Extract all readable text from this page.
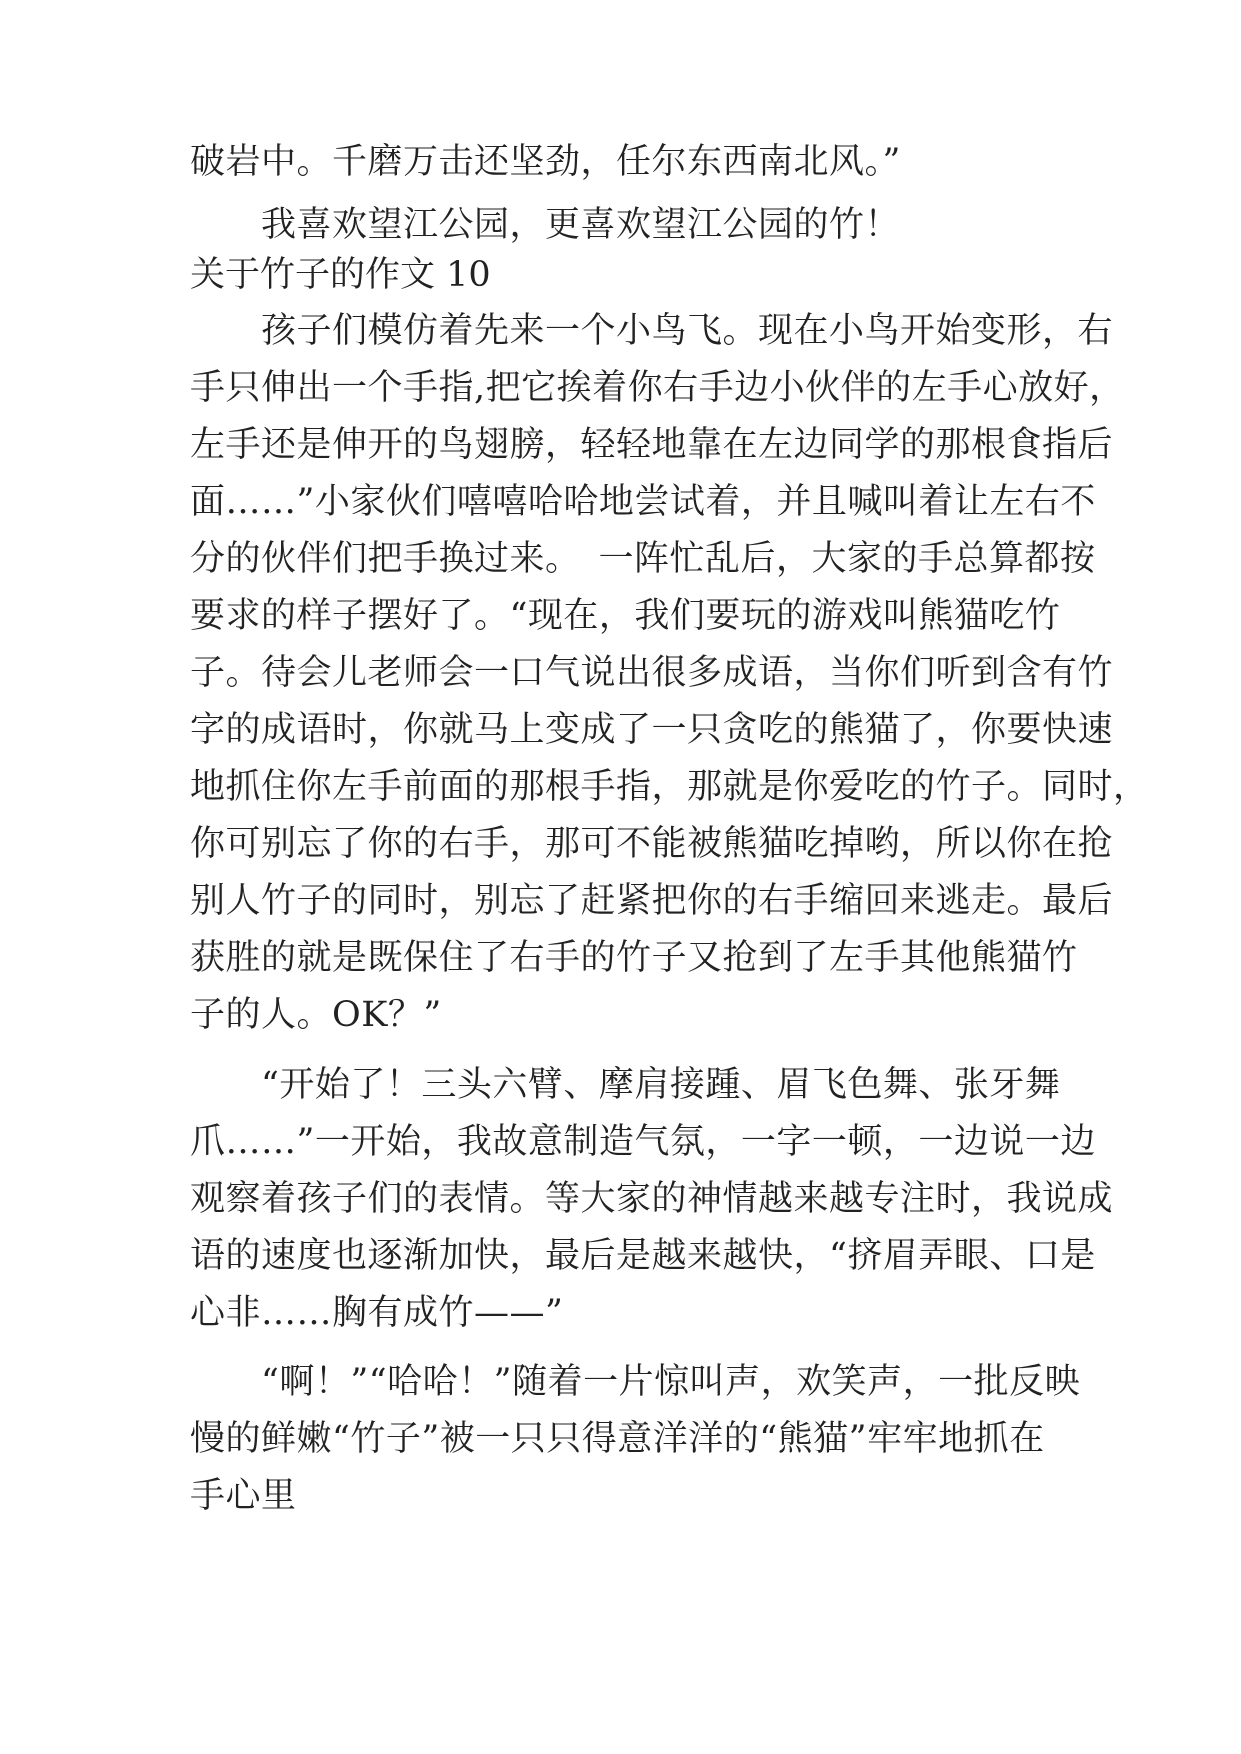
破岩中。千磨万击还坚劲，任尔东西南北风。”
　　我喜欢望江公园，更喜欢望江公园的竹！
关于竹子的作文 10
　　孩子们模仿着先来一个小鸟飞。现在小鸟开始变形，右
手只伸出一个手指,把它挨着你右手边小伙伴的左手心放好，
左手还是伸开的鸟翅膀，轻轻地靠在左边同学的那根食指后
面……”小家伙们嘻嘻哈哈地尝试着，并且喊叫着让左右不
分的伙伴们把手换过来。　一阵忙乱后，大家的手总算都按
要求的样子摆好了。“现在，我们要玩的游戏叫熊猫吃竹
子。待会儿老师会一口气说出很多成语，当你们听到含有竹
字的成语时，你就马上变成了一只贪吃的熊猫了，你要快速
地抓住你左手前面的那根手指，那就是你爱吃的竹子。同时，
你可别忘了你的右手，那可不能被熊猫吃掉哟，所以你在抢
别人竹子的同时，别忘了赶紧把你的右手缩回来逃走。最后
获胜的就是既保住了右手的竹子又抢到了左手其他熊猫竹
子的人。OK？”
　　“开始了！三头六臂、摩肩接踵、眉飞色舞、张牙舞
爪……”一开始，我故意制造气氛，一字一顿，一边说一边
观察着孩子们的表情。等大家的神情越来越专注时，我说成
语的速度也逐渐加快，最后是越来越快，“挤眉弄眼、口是
心非……胸有成竹——”
　　“啊！”“哈哈！”随着一片惊叫声，欢笑声，一批反映
慢的鲜嫩“竹子”被一只只得意洋洋的“熊猫”牢牢地抓在
手心里
